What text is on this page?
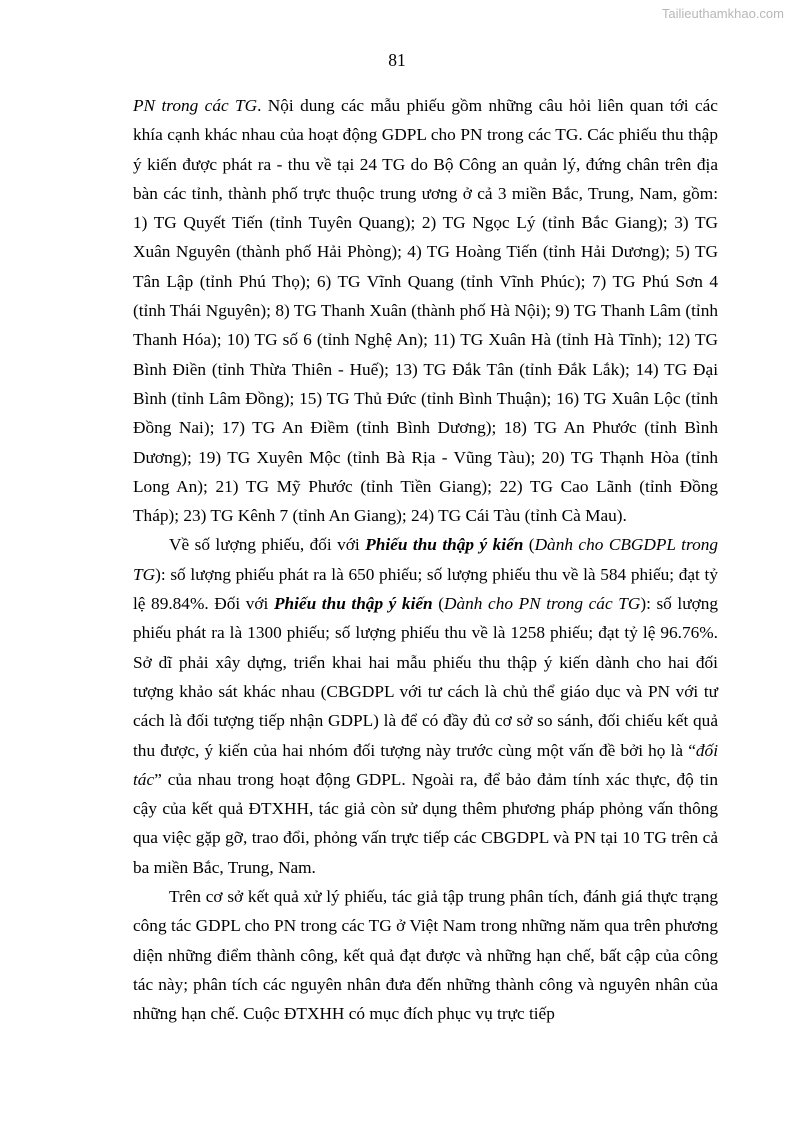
Tailieuthamkhao.com
81

PN trong các TG. Nội dung các mẫu phiếu gồm những câu hỏi liên quan tới các khía cạnh khác nhau của hoạt động GDPL cho PN trong các TG. Các phiếu thu thập ý kiến được phát ra - thu về tại 24 TG do Bộ Công an quản lý, đứng chân trên địa bàn các tỉnh, thành phố trực thuộc trung ương ở cả 3 miền Bắc, Trung, Nam, gồm: 1) TG Quyết Tiến (tỉnh Tuyên Quang); 2) TG Ngọc Lý (tỉnh Bắc Giang); 3) TG Xuân Nguyên (thành phố Hải Phòng); 4) TG Hoàng Tiến (tỉnh Hải Dương); 5) TG Tân Lập (tỉnh Phú Thọ); 6) TG Vĩnh Quang (tỉnh Vĩnh Phúc); 7) TG Phú Sơn 4 (tỉnh Thái Nguyên); 8) TG Thanh Xuân (thành phố Hà Nội); 9) TG Thanh Lâm (tỉnh Thanh Hóa); 10) TG số 6 (tỉnh Nghệ An); 11) TG Xuân Hà (tỉnh Hà Tĩnh); 12) TG Bình Điền (tỉnh Thừa Thiên - Huế); 13) TG Đắk Tân (tỉnh Đắk Lắk); 14) TG Đại Bình (tỉnh Lâm Đồng); 15) TG Thủ Đức (tỉnh Bình Thuận); 16) TG Xuân Lộc (tỉnh Đồng Nai); 17) TG An Điềm (tỉnh Bình Dương); 18) TG An Phước (tỉnh Bình Dương); 19) TG Xuyên Mộc (tỉnh Bà Rịa - Vũng Tàu); 20) TG Thạnh Hòa (tỉnh Long An); 21) TG Mỹ Phước (tỉnh Tiền Giang); 22) TG Cao Lãnh (tỉnh Đồng Tháp); 23) TG Kênh 7 (tỉnh An Giang); 24) TG Cái Tàu (tỉnh Cà Mau).

Về số lượng phiếu, đối với Phiếu thu thập ý kiến (Dành cho CBGDPL trong TG): số lượng phiếu phát ra là 650 phiếu; số lượng phiếu thu về là 584 phiếu; đạt tỷ lệ 89.84%. Đối với Phiếu thu thập ý kiến (Dành cho PN trong các TG): số lượng phiếu phát ra là 1300 phiếu; số lượng phiếu thu về là 1258 phiếu; đạt tỷ lệ 96.76%. Sở dĩ phải xây dựng, triển khai hai mẫu phiếu thu thập ý kiến dành cho hai đối tượng khảo sát khác nhau (CBGDPL với tư cách là chủ thể giáo dục và PN với tư cách là đối tượng tiếp nhận GDPL) là để có đầy đủ cơ sở so sánh, đối chiếu kết quả thu được, ý kiến của hai nhóm đối tượng này trước cùng một vấn đề bởi họ là “đối tác” của nhau trong hoạt động GDPL. Ngoài ra, để bảo đảm tính xác thực, độ tin cậy của kết quả ĐTXHH, tác giả còn sử dụng thêm phương pháp phỏng vấn thông qua việc gặp gỡ, trao đổi, phỏng vấn trực tiếp các CBGDPL và PN tại 10 TG trên cả ba miền Bắc, Trung, Nam.

Trên cơ sở kết quả xử lý phiếu, tác giả tập trung phân tích, đánh giá thực trạng công tác GDPL cho PN trong các TG ở Việt Nam trong những năm qua trên phương diện những điểm thành công, kết quả đạt được và những hạn chế, bất cập của công tác này; phân tích các nguyên nhân đưa đến những thành công và nguyên nhân của những hạn chế. Cuộc ĐTXHH có mục đích phục vụ trực tiếp
